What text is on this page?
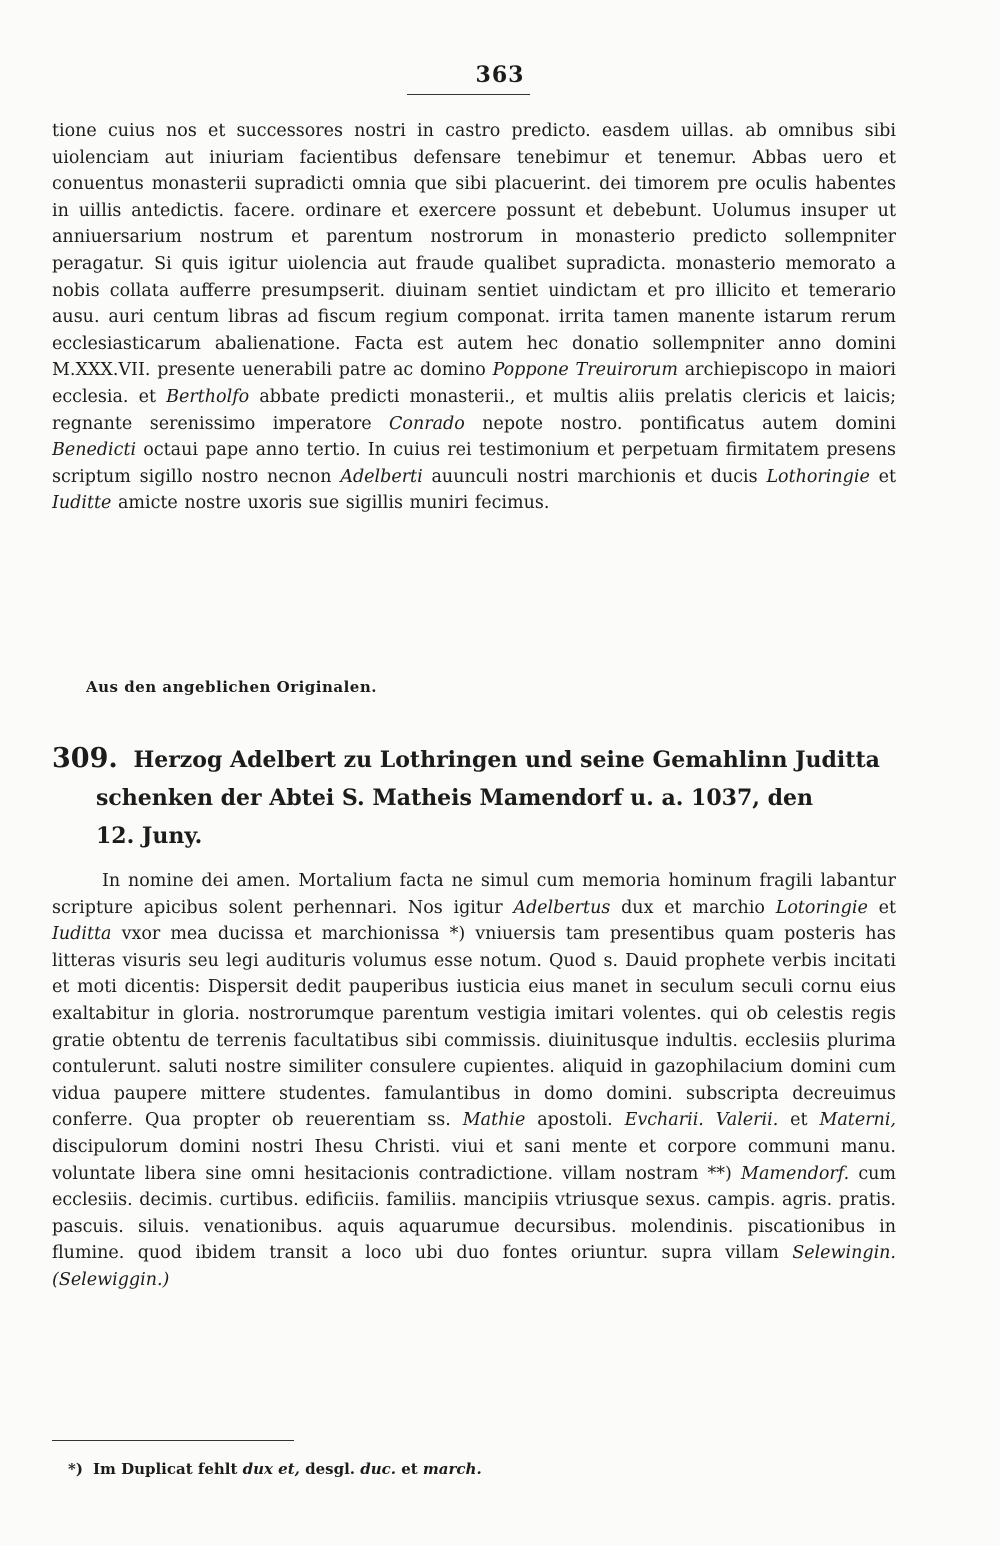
363

tione cuius nos et successores nostri in castro predicto. easdem uillas. ab omnibus sibi uiolenciam aut iniuriam facientibus defensare tenebimur et tenemur. Abbas uero et conuentus monasterii supradicti omnia que sibi placuerint. dei timorem pre oculis habentes in uillis antedictis. facere. ordinare et exercere possunt et debebunt. Uolumus insuper ut anniuersarium nostrum et parentum nostrorum in monasterio predicto sollempniter peragatur. Si quis igitur uiolencia aut fraude qualibet supradicta. monasterio memorato a nobis collata aufferre presumpserit. diuinam sentiet uindictam et pro illicito et temerario ausu. auri centum libras ad fiscum regium componat. irrita tamen manente istarum rerum ecclesiasticarum abalienatione. Facta est autem hec donatio sollempniter anno domini M.XXX.VII. presente uenerabili patre ac domino Poppone Treuirorum archiepiscopo in maiori ecclesia. et Bertholfo abbate predicti monasterii., et multis aliis prelatis clericis et laicis; regnante serenissimo imperatore Conrado nepote nostro. pontificatus autem domini Benedicti octaui pape anno tertio. In cuius rei testimonium et perpetuam firmitatem presens scriptum sigillo nostro necnon Adelberti auunculi nostri marchionis et ducis Lothoringie et Iuditte amicte nostre uxoris sue sigillis muniri fecimus.

Aus den angeblichen Originalen.
309. Herzog Adelbert zu Lothringen und seine Gemahlinn Juditta
schenken der Abtei S. Matheis Mamendorf u. a. 1037, den
12. Juny.

In nomine dei amen. Mortalium facta ne simul cum memoria hominum fragili labantur scripture apicibus solent perhennari. Nos igitur Adelbertus dux et marchio Lotoringie et Iuditta vxor mea ducissa et marchionissa *) vniuersis tam presentibus quam posteris has litteras visuris seu legi audituris volumus esse notum. Quod s. Dauid prophete verbis incitati et moti dicentis: Dispersit dedit pauperibus iusticia eius manet in seculum seculi cornu eius exaltabitur in gloria. nostrorumque parentum vestigia imitari volentes. qui ob celestis regis gratie obtentu de terrenis facultatibus sibi commissis. diuinitusque indultis. ecclesiis plurima contulerunt. saluti nostre similiter consulere cupientes. aliquid in gazophilacium domini cum vidua paupere mittere studentes. famulantibus in domo domini. subscripta decreuimus conferre. Qua propter ob reuerentiam ss. Mathie apostoli. Evcharii. Valerii. et Materni, discipulorum domini nostri Ihesu Christi. viui et sani mente et corpore communi manu. voluntate libera sine omni hesitacionis contradictione. villam nostram **) Mamendorf. cum ecclesiis. decimis. curtibus. edificiis. familiis. mancipiis vtriusque sexus. campis. agris. pratis. pascuis. siluis. venationibus. aquis aquarumue decursibus. molendinis. piscationibus in flumine. quod ibidem transit a loco ubi duo fontes oriuntur. supra villam Selewingin. (Selewiggin.)

*) Im Duplicat fehlt dux et, desgl. duc. et march.
